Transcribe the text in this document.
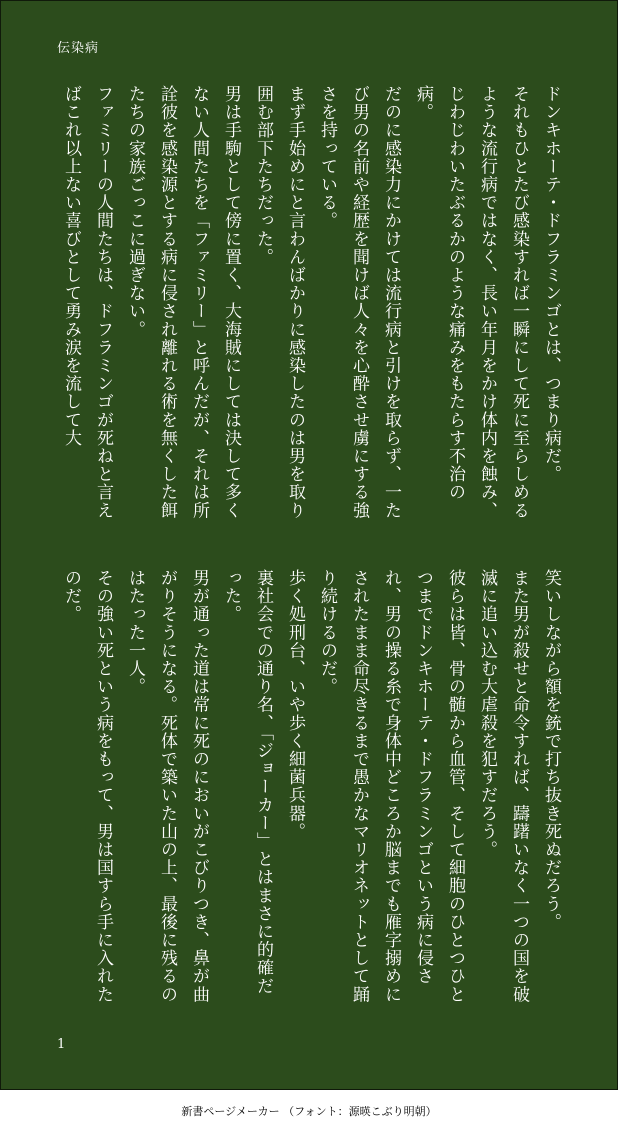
伝染病

ドンキホーテ・ドフラミンゴとは、つまり病だ。

それもひとたび感染すれば一瞬にして死に至らしめるような流行病ではなく、長い年月をかけ体内を蝕み、じわじわいたぶるかのような痛みをもたらす不治の病。

だのに感染力にかけては流行病と引けを取らず、一たび男の名前や経歴を聞けば人々を心酔させ虜にする強さを持っている。

まず手始めにと言わんばかりに感染したのは男を取り囲む部下たちだった。

男は手駒として傍に置く、大海賊にしては決して多くない人間たちを「ファミリー」と呼んだが、それは所詮彼を感染源とする病に侵され離れる術を無くした餌たちの家族ごっこに過ぎない。

ファミリーの人間たちは、ドフラミンゴが死ねと言えばこれ以上ない喜びとして勇み涙を流して大

笑いしながら額を銃で打ち抜き死ぬだろう。

また男が殺せと命令すれば、躊躇いなく一つの国を破滅に追い込む大虐殺を犯すだろう。

彼らは皆、骨の髄から血管、そして細胞のひとつひとつまでドンキホーテ・ドフラミンゴという病に侵され、男の操る糸で身体中どころか脳までも雁字搦めにされたまま命尽きるまで愚かなマリオネットとして踊り続けるのだ。

歩く処刑台、いや歩く細菌兵器。

裏社会での通り名、「ジョーカー」とはまさに的確だった。

男が通った道は常に死のにおいがこびりつき、鼻が曲がりそうになる。死体で築いた山の上、最後に残るのはたった一人。

その強い死という病をもって、男は国すら手に入れたのだ。

1
新書ページメーカー （フォント：源暎こぶり明朝）
